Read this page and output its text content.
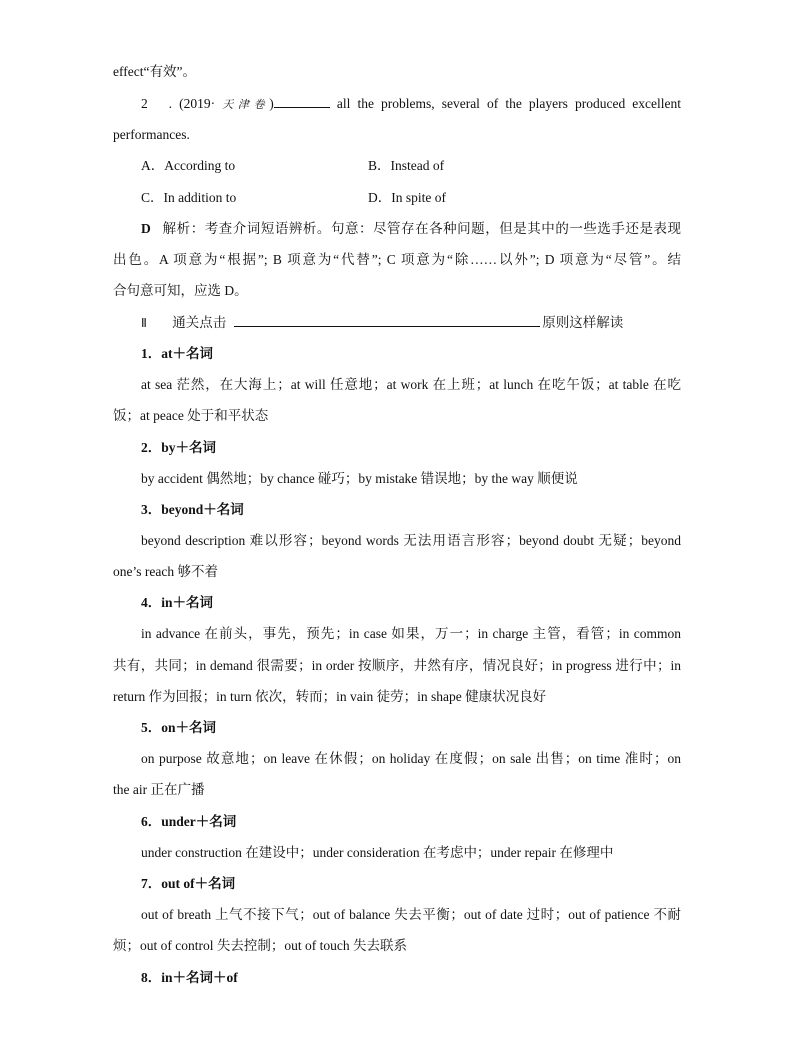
effect“有效”。
2　. (2019· 天津卷)	all the problems, several of the players produced excellent
performances.
A．According to	B．Instead of
C．In addition to	D．In spite of
D 解析：考查介词短语辨析。句意：尽管存在各种问题，但是其中的一些选手还是表现
出色。A 项意为“根据”; B 项意为“代替”; C 项意为“除……以外”; D 项意为“尽管”。结
合句意可知，应选 D。
Ⅱ 通关点击	原则这样解读
1．at＋名词
at sea 茫然，在大海上；at will 任意地；at work 在上班；at lunch 在吃午饭；at table 在吃
饭；at peace 处于和平状态
2．by＋名词
by accident 偶然地；by chance 碰巧；by mistake 错误地；by the way 顺便说
3．beyond＋名词
beyond description 难以形容；beyond words 无法用语言形容；beyond doubt 无疑；beyond
one’s reach 够不着
4．in＋名词
in advance 在前头，事先，预先；in case 如果，万一；in charge 主管，看管；in common
共有，共同；in demand 很需要；in order 按顺序，井然有序，情况良好；in progress 进行中；in
return 作为回报；in turn 依次，转而；in vain 徒劳；in shape 健康状况良好
5．on＋名词
on purpose 故意地；on leave 在休假；on holiday 在度假；on sale 出售；on time 准时；on
the air 正在广播
6．under＋名词
under construction 在建设中；under consideration 在考虑中；under repair 在修理中
7．out of＋名词
out of breath 上气不接下气；out of balance 失去平衡；out of date 过时；out of patience 不耐
烦；out of control 失去控制；out of touch 失去联系
8．in＋名词＋of
